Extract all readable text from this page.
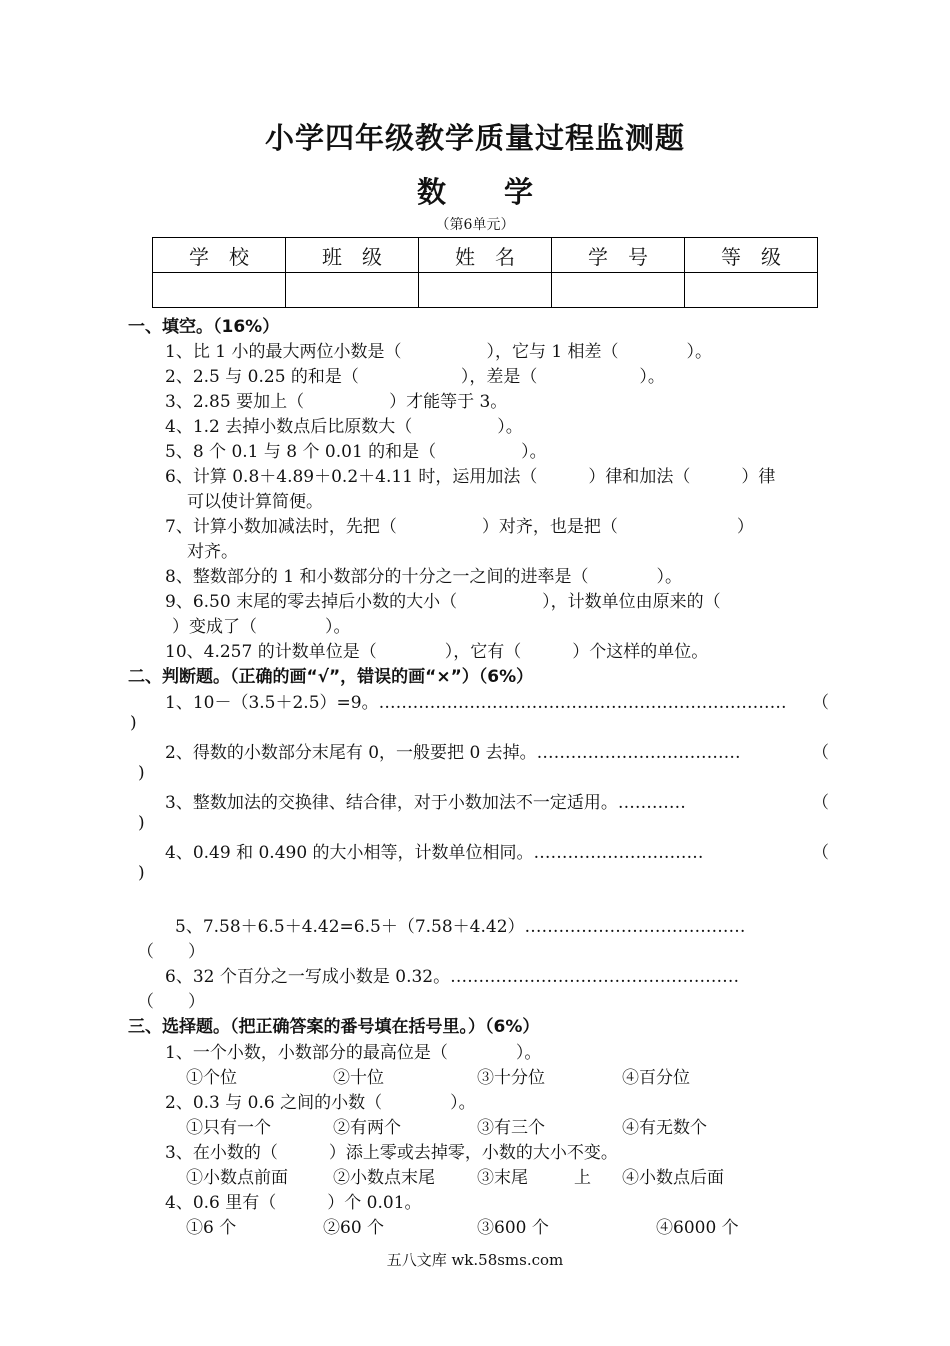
小学四年级教学质量过程监测题
数　　学
（第6单元）
学　校	班　级	姓　名	学　号	等　级

一、填空。（16%）
1、比 1 小的最大两位小数是（　　　　　），它与 1 相差（　　　　）。
2、2.5 与 0.25 的和是（　　　　　　），差是（　　　　　　）。
3、2.85 要加上（　　　　　）才能等于 3。
4、1.2 去掉小数点后比原数大（　　　　　）。
5、8 个 0.1 与 8 个 0.01 的和是（　　　　　）。
6、计算 0.8＋4.89＋0.2＋4.11 时，运用加法（　　　）律和加法（　　　）律
可以使计算简便。
7、计算小数加减法时，先把（　　　　　）对齐，也是把（　　　　　　　）
对齐。
8、整数部分的 1 和小数部分的十分之一之间的进率是（　　　　）。
9、6.50 末尾的零去掉后小数的大小（　　　　　），计数单位由原来的（
）变成了（　　　　）。
10、4.257 的计数单位是（　　　　），它有（　　　）个这样的单位。
二、判断题。（正确的画“√”，错误的画“×”）（6%）
1、10－（3.5＋2.5）=9。……………………………………………………………… （
)
2、得数的小数部分末尾有 0，一般要把 0 去掉。………………………………	（
)
3、整数加法的交换律、结合律，对于小数加法不一定适用。…………	（
)
4、0.49 和 0.490 的大小相等，计数单位相同。…………………………	（
)
5、7.58＋6.5＋4.42=6.5＋（7.58＋4.42）…………………………………
（　　）
6、32 个百分之一写成小数是 0.32。……………………………………………
（　　）
三、选择题。（把正确答案的番号填在括号里。）（6%）
1、一个小数，小数部分的最高位是（　　　　）。
①个位	②十位	③十分位	④百分位
2、0.3 与 0.6 之间的小数（　　　　）。
①只有一个	②有两个	③有三个	④有无数个
3、在小数的（　　　）添上零或去掉零，小数的大小不变。
①小数点前面	②小数点末尾 ③末尾	上 ④小数点后面
4、0.6 里有（　　　）个 0.01。
①6 个	②60 个	③600 个	④6000 个
五八文库 wk.58sms.com
